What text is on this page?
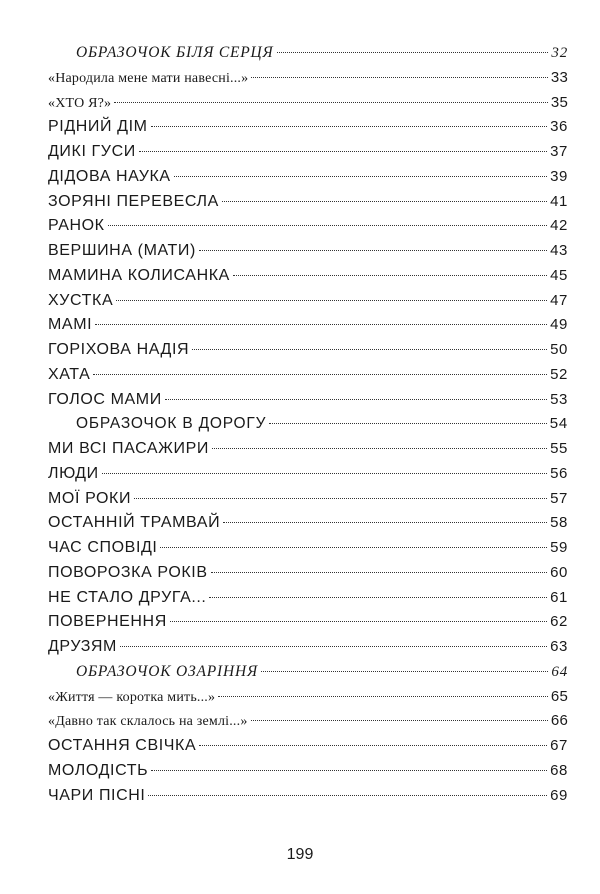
ОБРАЗОЧОК БІЛЯ СЕРЦЯ	32
«Народила мене мати навесні...»	33
«ХТО Я?»	35
РІДНИЙ ДІМ	36
ДИКІ ГУСИ	37
ДІДОВА НАУКА	39
ЗОРЯНІ ПЕРЕВЕСЛА	41
РАНОК	42
ВЕРШИНА (МАТИ)	43
МАМИНА КОЛИСАНКА	45
ХУСТКА	47
МАМІ	49
ГОРІХОВА НАДІЯ	50
ХАТА	52
ГОЛОС МАМИ	53
ОБРАЗОЧОК В ДОРОГУ	54
МИ ВСІ ПАСАЖИРИ	55
ЛЮДИ	56
МОЇ РОКИ	57
ОСТАННІЙ ТРАМВАЙ	58
ЧАС СПОВІДІ	59
ПОВОРОЗКА РОКІВ	60
НЕ СТАЛО ДРУГА...	61
ПОВЕРНЕННЯ	62
ДРУЗЯМ	63
ОБРАЗОЧОК ОЗАРІННЯ	64
«Життя — коротка мить...»	65
«Давно так склалось на землі...»	66
ОСТАННЯ СВІЧКА	67
МОЛОДІСТЬ	68
ЧАРИ ПІСНІ	69
199
